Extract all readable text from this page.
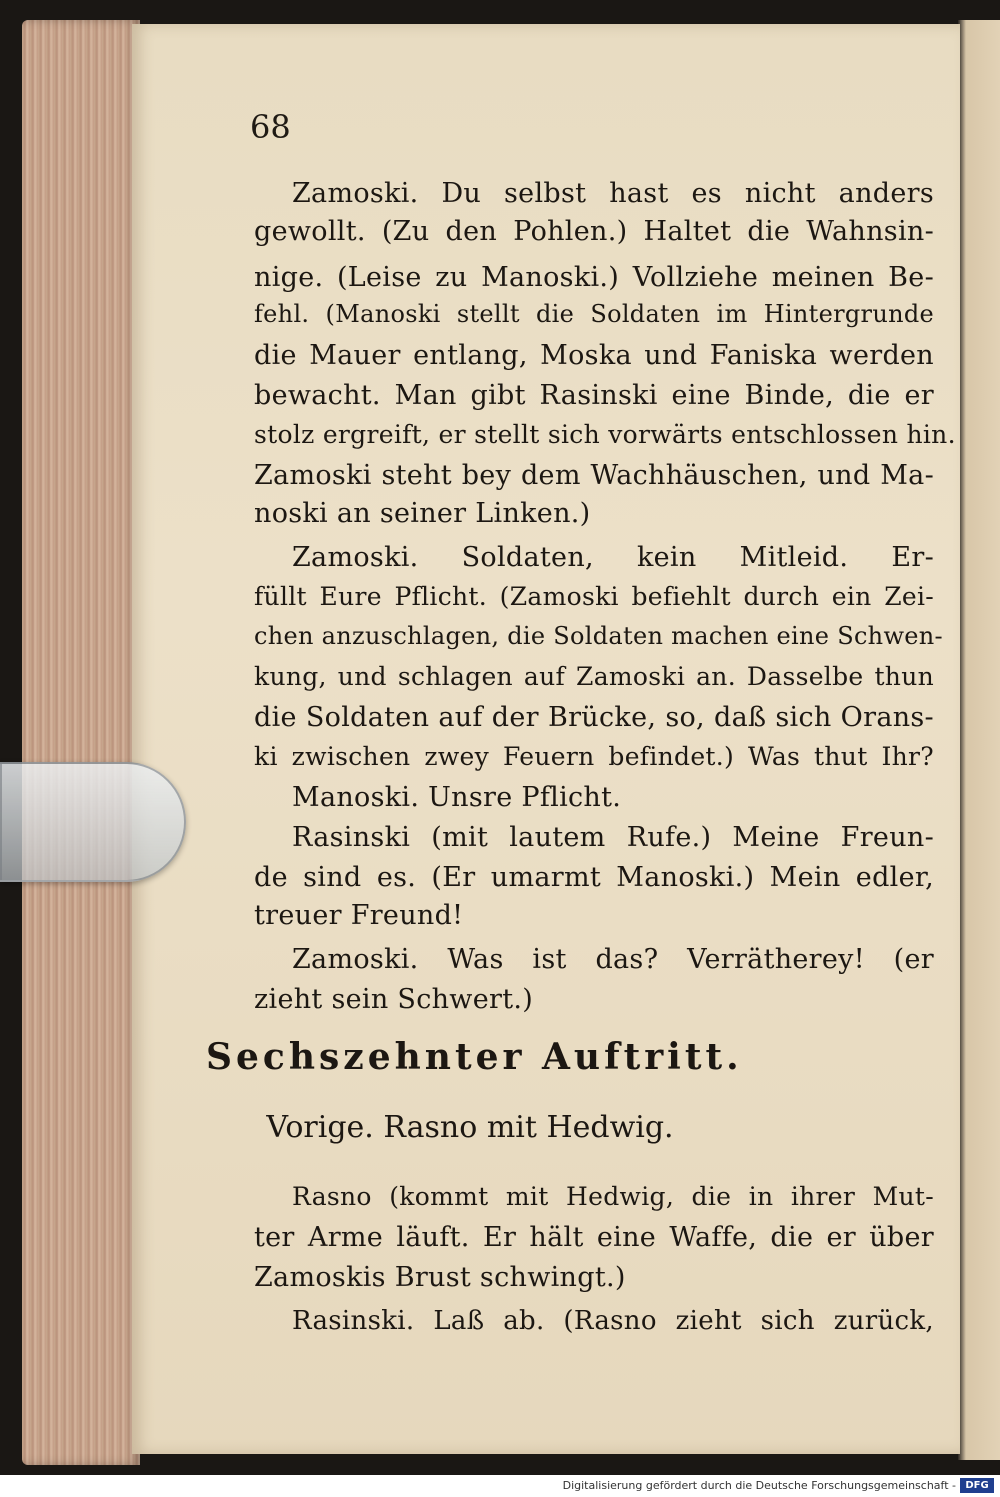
68
Zamoski. Du selbst hast es nicht anders
gewollt. (Zu den Pohlen.) Haltet die Wahnsin-
nige. (Leise zu Manoski.) Vollziehe meinen Be-
fehl. (Manoski stellt die Soldaten im Hintergrunde
die Mauer entlang, Moska und Faniska werden
bewacht. Man gibt Rasinski eine Binde, die er
stolz ergreift, er stellt sich vorwärts entschlossen hin.
Zamoski steht bey dem Wachhäuschen, und Ma-
noski an seiner Linken.)
Zamoski. Soldaten, kein Mitleid. Er-
füllt Eure Pflicht. (Zamoski befiehlt durch ein Zei-
chen anzuschlagen, die Soldaten machen eine Schwen-
kung, und schlagen auf Zamoski an. Dasselbe thun
die Soldaten auf der Brücke, so, daß sich Orans-
ki zwischen zwey Feuern befindet.) Was thut Ihr?
Manoski. Unsre Pflicht.
Rasinski (mit lautem Rufe.) Meine Freun-
de sind es. (Er umarmt Manoski.) Mein edler,
treuer Freund!
Zamoski. Was ist das? Verrätherey! (er
zieht sein Schwert.)
Rasno (kommt mit Hedwig, die in ihrer Mut-
ter Arme läuft. Er hält eine Waffe, die er über
Zamoskis Brust schwingt.)
Rasinski. Laß ab. (Rasno zieht sich zurück,
Sechszehnter Auftritt.
Vorige. Rasno mit Hedwig.
Digitalisierung gefördert durch die Deutsche Forschungsgemeinschaft - DFG
